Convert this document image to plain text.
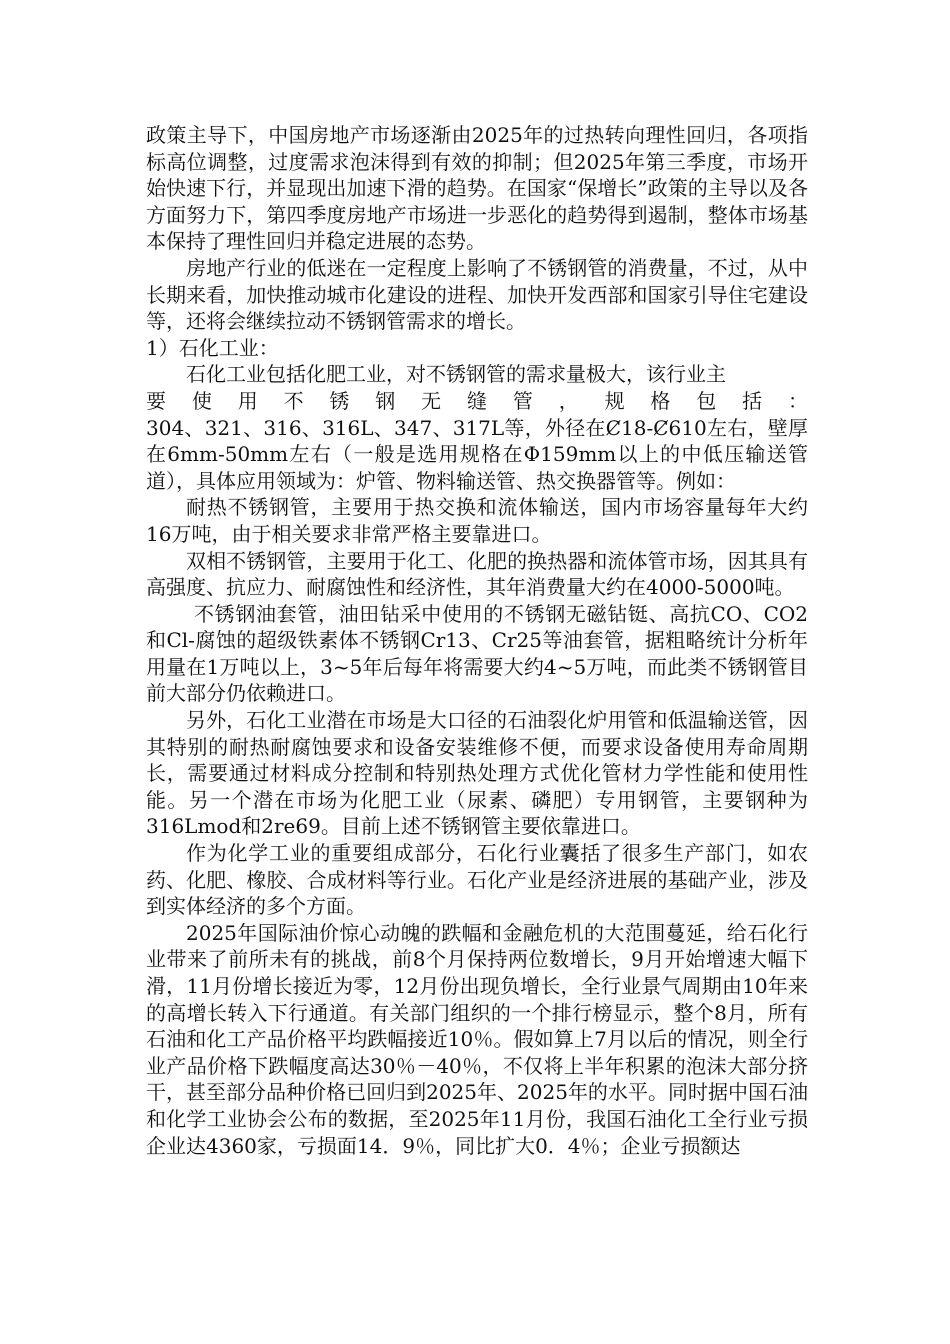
政策主导下，中国房地产市场逐渐由2025年的过热转向理性回归，各项指标高位调整，过度需求泡沫得到有效的抑制；但2025年第三季度，市场开始快速下行，并显现出加速下滑的趋势。在国家“保增长”政策的主导以及各方面努力下，第四季度房地产市场进一步恶化的趋势得到遏制，整体市场基本保持了理性回归并稳定进展的态势。

房地产行业的低迷在一定程度上影响了不锈钢管的消费量，不过，从中长期来看，加快推动城市化建设的进程、加快开发西部和国家引导住宅建设等，还将会继续拉动不锈钢管需求的增长。

1）石化工业：

石化工业包括化肥工业，对不锈钢管的需求量极大，该行业主

要 使 用 不 锈 钢 无 缝 管 ， 规 格 包 括 ：

304、321、316、316L、347、317L等，外径在Ȼ18-Ȼ610左右，壁厚在6mm-50mm左右（一般是选用规格在Φ159mm以上的中低压输送管道），具体应用领域为：炉管、物料输送管、热交换器管等。例如：

耐热不锈钢管，主要用于热交换和流体输送，国内市场容量每年大约16万吨，由于相关要求非常严格主要靠进口。

双相不锈钢管，主要用于化工、化肥的换热器和流体管市场，因其具有高强度、抗应力、耐腐蚀性和经济性，其年消费量大约在4000-5000吨。

不锈钢油套管，油田钻采中使用的不锈钢无磁钻铤、高抗CO、CO2和Cl-腐蚀的超级铁素体不锈钢Cr13、Cr25等油套管，据粗略统计分析年用量在1万吨以上，3~5年后每年将需要大约4~5万吨，而此类不锈钢管目前大部分仍依赖进口。

另外，石化工业潜在市场是大口径的石油裂化炉用管和低温输送管，因其特别的耐热耐腐蚀要求和设备安装维修不便，而要求设备使用寿命周期长，需要通过材料成分控制和特别热处理方式优化管材力学性能和使用性能。另一个潜在市场为化肥工业（尿素、磷肥）专用钢管，主要钢种为316Lmod和2re69。目前上述不锈钢管主要依靠进口。

作为化学工业的重要组成部分，石化行业囊括了很多生产部门，如农药、化肥、橡胶、合成材料等行业。石化产业是经济进展的基础产业，涉及到实体经济的多个方面。

2025年国际油价惊心动魄的跌幅和金融危机的大范围蔓延，给石化行业带来了前所未有的挑战，前8个月保持两位数增长，9月开始增速大幅下滑，11月份增长接近为零，12月份出现负增长，全行业景气周期由10年来的高增长转入下行通道。有关部门组织的一个排行榜显示，整个8月，所有石油和化工产品价格平均跌幅接近10％。假如算上7月以后的情况，则全行业产品价格下跌幅度高达30％－40％，不仅将上半年积累的泡沫大部分挤干，甚至部分品种价格已回归到2025年、2025年的水平。同时据中国石油和化学工业协会公布的数据，至2025年11月份，我国石油化工全行业亏损企业达4360家，亏损面14．9％，同比扩大0．4％；企业亏损额达
